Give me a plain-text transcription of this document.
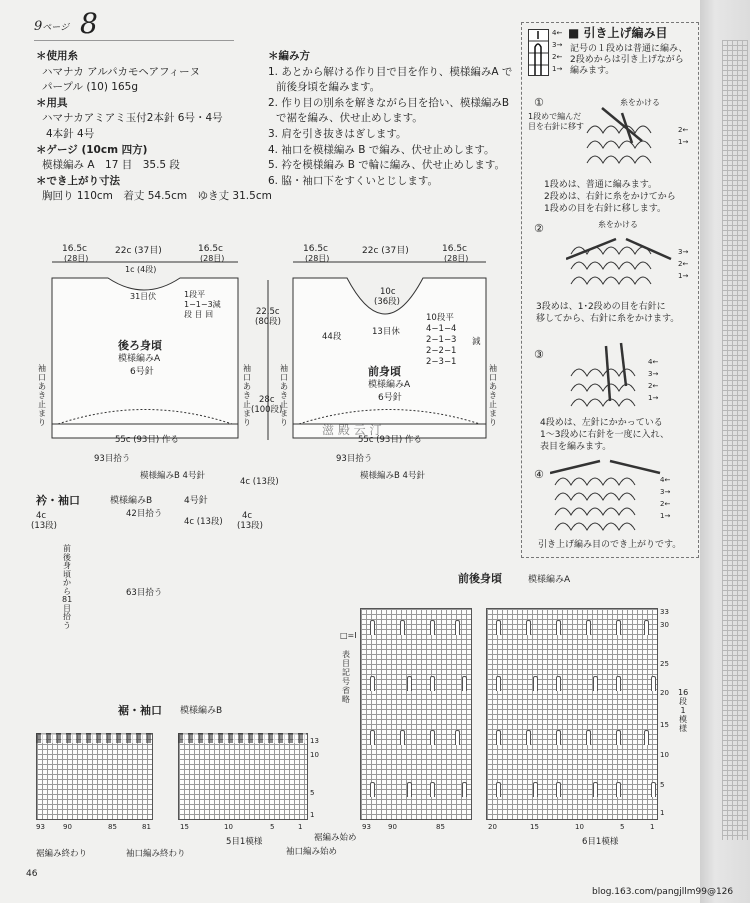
9ページ 8
＊使用糸
ハマナカ アルパカモヘアフィーヌ
パープル (10) 165g
＊用具
ハマナカアミアミ玉付2本針 6号・4号
4本針 4号
＊ゲージ (10cm 四方)
模様編み A　17 目　35.5 段
＊でき上がり寸法
胸回り 110cm　着丈 54.5cm　ゆき丈 31.5cm
＊編み方
1. あとから解ける作り目で目を作り、模様編みA で
前後身頃を編みます。
2. 作り目の別糸を解きながら目を拾い、模様編みB
で裾を編み、伏せ止めします。
3. 肩を引き抜きはぎします。
4. 袖口を模様編み B で編み、伏せ止めします。
5. 衿を模様編み B で輪に編み、伏せ止めします。
6. 脇・袖口下をすくいとじします。
4←
3→
2←
1→
■ 引き上げ編み目
記号の１段めは普通に編み、
2段めからは引き上げながら
編みます。
①
1段めで編んだ
目を右針に移す
糸をかける
2←
1→
1段めは、普通に編みます。
2段めは、右針に糸をかけてから
1段めの目を右針に移します。
②	糸をかける
3→
2←
1→
3段めは、1･2段めの目を右針に
移してから、右針に糸をかけます。
③
4←
3→
2←
1→
4段めは、左針にかかっている
1～3段めに右針を一度に入れ、
表目を編みます。
④	4←
3→
2←
1→
引き上げ編み目のでき上がりです。
16.5c
(28目)
22c (37目)	16.5c
(28目)
1c (4段)
31目伏	1段平
1−1−3減
段 目 回
後ろ身頃
模様編みA
6号針
袖
口
あ
き
止
ま
り
袖
口
あ
き
止
ま
り
55c (93目) 作る
93目拾う
模様編みB 4号針
22.5c
(80段)
28c
(100段)
4c (13段)
16.5c
(28目)
22c (37目)	16.5c
(28目)
10c
(36段)
13目休
44段
10段平
4−1−4
2−1−3
2−2−1
2−3−1
減
前身頃
模様編みA
6号針
袖
口
あ
き
止
ま
り
袖
口
あ
き
止
ま
り
55c (93目) 作る
93目拾う
模様編みB 4号針
滋 殿 云 汀
衿・袖口	模様編みB	4号針
42目拾う
4c (13段)
63目拾う
4c
(13段)
4c
(13段)
前
後
身
頃
か
ら
81
目
拾
う
裾・袖口 模様編みB
93	90	85	81	15	10	5	1
13
10
5
1
5目1模様
裾編み終わり	袖口編み終わり
裾編み始め
袖口編み始め
前後身頃	模様編みA
□=Ⅰ
表
目
記
号
省
略
93 90	85	20	15	10	5	1
33
30
25
20
15
10
5
1
16
段
1
模
様
6目1模様
46
blog.163.com/pangjllm99@126
